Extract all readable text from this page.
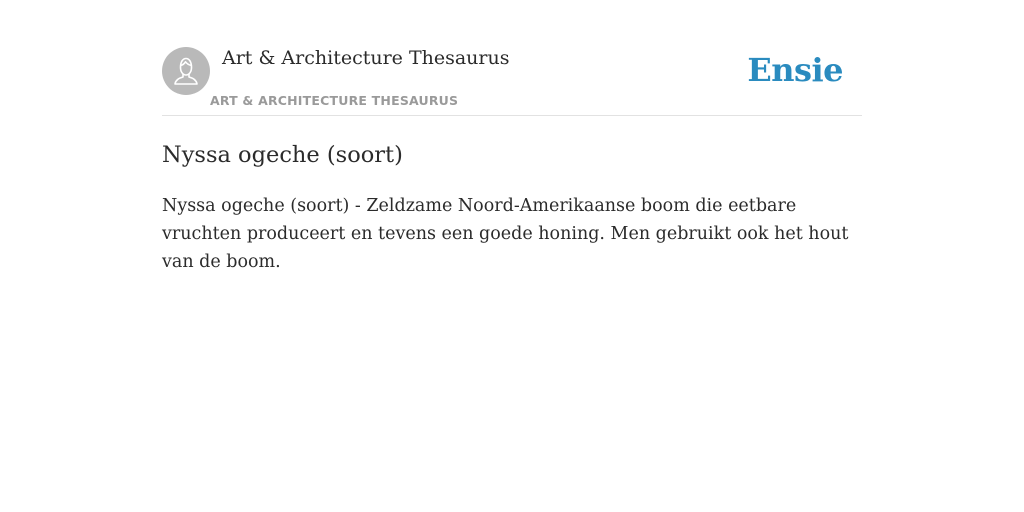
Art & Architecture Thesaurus
ART & ARCHITECTURE THESAURUS
Ensie
Nyssa ogeche (soort)

Nyssa ogeche (soort) - Zeldzame Noord-Amerikaanse boom die eetbare vruchten produceert en tevens een goede honing. Men gebruikt ook het hout van de boom.
